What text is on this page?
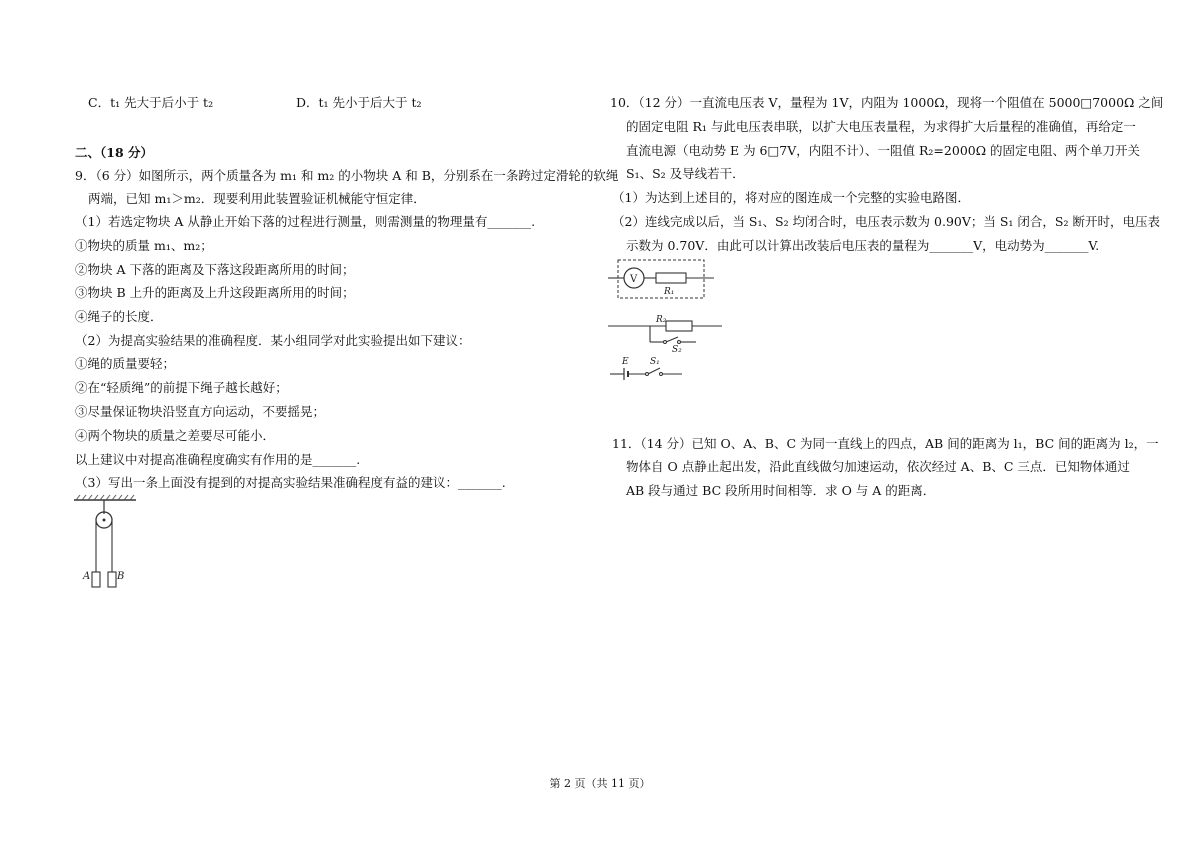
C．t₁ 先大于后小于 t₂	D．t₁ 先小于后大于 t₂
二、（18 分）
9．（6 分）如图所示，两个质量各为 m₁ 和 m₂ 的小物块 A 和 B，分别系在一条跨过定滑轮的软绳
两端，已知 m₁＞m₂．现要利用此装置验证机械能守恒定律．
（1）若选定物块 A 从静止开始下落的过程进行测量，则需测量的物理量有_______.
①物块的质量 m₁、m₂；
②物块 A 下落的距离及下落这段距离所用的时间；
③物块 B 上升的距离及上升这段距离所用的时间；
④绳子的长度．
（2）为提高实验结果的准确程度．某小组同学对此实验提出如下建议：
①绳的质量要轻；
②在“轻质绳”的前提下绳子越长越好；
③尽量保证物块沿竖直方向运动，不要摇晃；
④两个物块的质量之差要尽可能小．
以上建议中对提高准确程度确实有作用的是_______.
（3）写出一条上面没有提到的对提高实验结果准确程度有益的建议：_______.
A	B
10．（12 分）一直流电压表 V，量程为 1V，内阻为 1000Ω，现将一个阻值在 5000□7000Ω 之间
的固定电阻 R₁ 与此电压表串联，以扩大电压表量程，为求得扩大后量程的准确值，再给定一
直流电源（电动势 E 为 6□7V，内阻不计）、一阻值 R₂=2000Ω 的固定电阻、两个单刀开关
S₁、S₂ 及导线若干．
（1）为达到上述目的，将对应的图连成一个完整的实验电路图．
（2）连线完成以后，当 S₁、S₂ 均闭合时，电压表示数为 0.90V；当 S₁ 闭合，S₂ 断开时，电压表
示数为 0.70V．由此可以计算出改装后电压表的量程为_______V，电动势为_______V.
V
R₁
R₂
S₂
E S₁
11．（14 分）已知 O、A、B、C 为同一直线上的四点，AB 间的距离为 l₁，BC 间的距离为 l₂，一
物体自 O 点静止起出发，沿此直线做匀加速运动，依次经过 A、B、C 三点．已知物体通过
AB 段与通过 BC 段所用时间相等．求 O 与 A 的距离．
第 2 页（共 11 页）
